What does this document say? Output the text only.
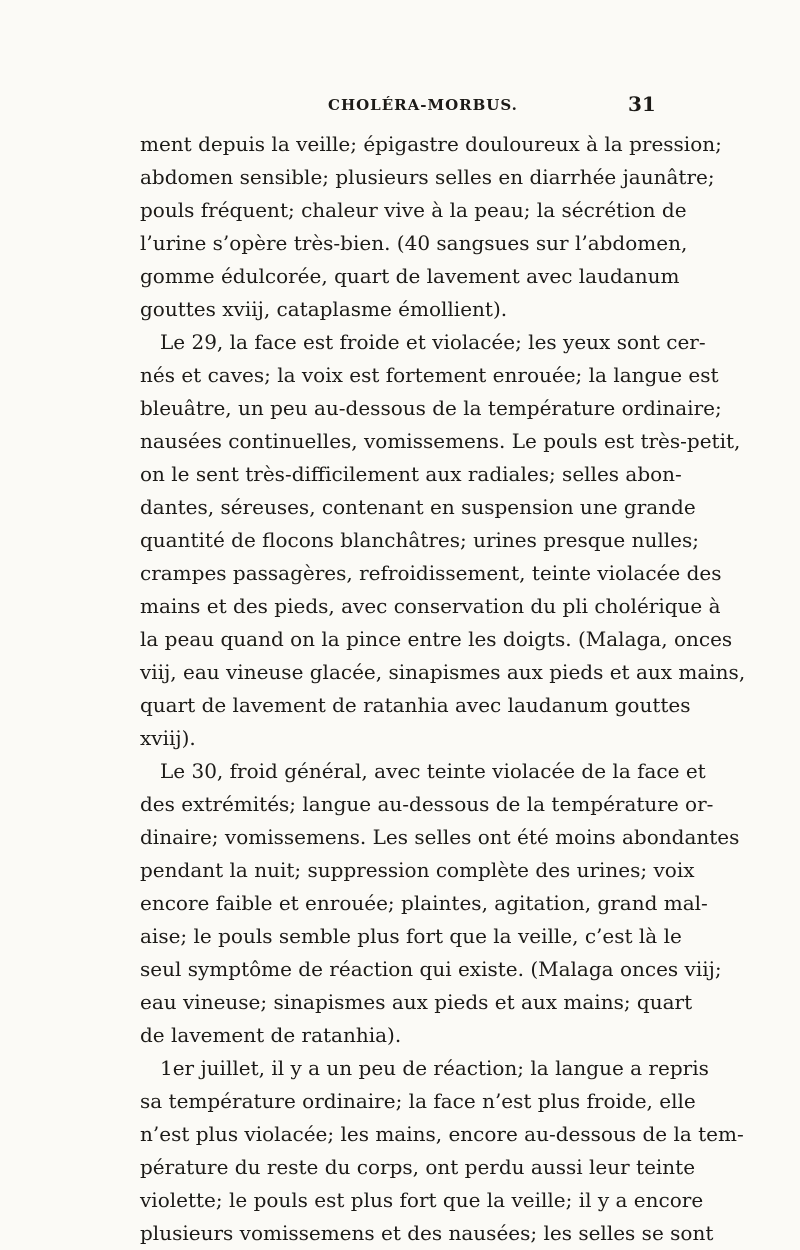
CHOLÉRA-MORBUS.	31
ment depuis la veille; épigastre douloureux à la pression;
abdomen sensible; plusieurs selles en diarrhée jaunâtre;
pouls fréquent; chaleur vive à la peau; la sécrétion de
l’urine s’opère très-bien. (40 sangsues sur l’abdomen,
gomme édulcorée, quart de lavement avec laudanum
gouttes xviij, cataplasme émollient).
Le 29, la face est froide et violacée; les yeux sont cer-
nés et caves; la voix est fortement enrouée; la langue est
bleuâtre, un peu au-dessous de la température ordinaire;
nausées continuelles, vomissemens. Le pouls est très-petit,
on le sent très-difficilement aux radiales; selles abon-
dantes, séreuses, contenant en suspension une grande
quantité de flocons blanchâtres; urines presque nulles;
crampes passagères, refroidissement, teinte violacée des
mains et des pieds, avec conservation du pli cholérique à
la peau quand on la pince entre les doigts. (Malaga, onces
viij, eau vineuse glacée, sinapismes aux pieds et aux mains,
quart de lavement de ratanhia avec laudanum gouttes
xviij).
Le 30, froid général, avec teinte violacée de la face et
des extrémités; langue au-dessous de la température or-
dinaire; vomissemens. Les selles ont été moins abondantes
pendant la nuit; suppression complète des urines; voix
encore faible et enrouée; plaintes, agitation, grand mal-
aise; le pouls semble plus fort que la veille, c’est là le
seul symptôme de réaction qui existe. (Malaga onces viij;
eau vineuse; sinapismes aux pieds et aux mains; quart
de lavement de ratanhia).
1er juillet, il y a un peu de réaction; la langue a repris
sa température ordinaire; la face n’est plus froide, elle
n’est plus violacée; les mains, encore au-dessous de la tem-
pérature du reste du corps, ont perdu aussi leur teinte
violette; le pouls est plus fort que la veille; il y a encore
plusieurs vomissemens et des nausées; les selles se sont
